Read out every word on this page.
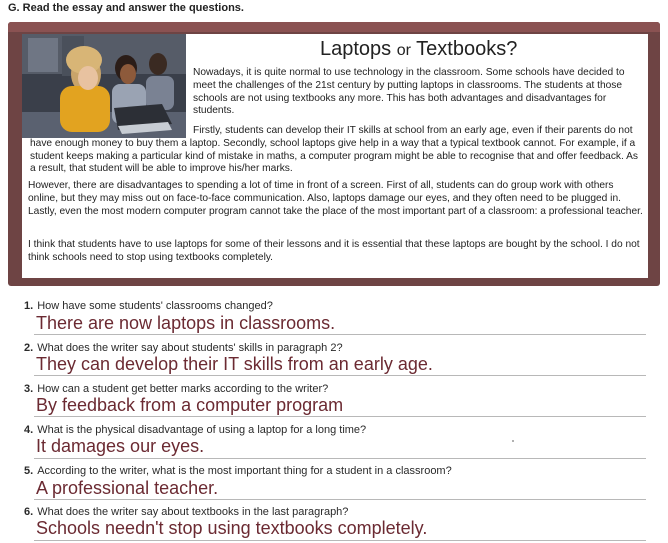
G. Read the essay and answer the questions.
Laptops or Textbooks?

Nowadays, it is quite normal to use technology in the classroom. Some schools have decided to meet the challenges of the 21st century by putting laptops in classrooms. The students at those schools are not using textbooks any more. This has both advantages and disadvantages for students.

Firstly, students can develop their IT skills at school from an early age, even if their parents do not have enough money to buy them a laptop. Secondly, school laptops give help in a way that a typical textbook cannot. For example, if a student keeps making a particular kind of mistake in maths, a computer program might be able to recognise that and offer feedback. As a result, that student will be able to improve his/her marks.

However, there are disadvantages to spending a lot of time in front of a screen. First of all, students can do group work with others online, but they may miss out on face-to-face communication. Also, laptops damage our eyes, and they often need to be plugged in. Lastly, even the most modern computer program cannot take the place of the most important part of a classroom: a professional teacher.

I think that students have to use laptops for some of their lessons and it is essential that these laptops are bought by the school. I do not think schools need to stop using textbooks completely.

1. How have some students' classrooms changed?
There are now laptops in classrooms.
2. What does the writer say about students' skills in paragraph 2?
They can develop their IT skills from an early age.
3. How can a student get better marks according to the writer?
By feedback from a computer program
4. What is the physical disadvantage of using a laptop for a long time?
It damages our eyes.
5. According to the writer, what is the most important thing for a student in a classroom?
A professional teacher.
6. What does the writer say about textbooks in the last paragraph?
Schools needn't stop using textbooks completely.
